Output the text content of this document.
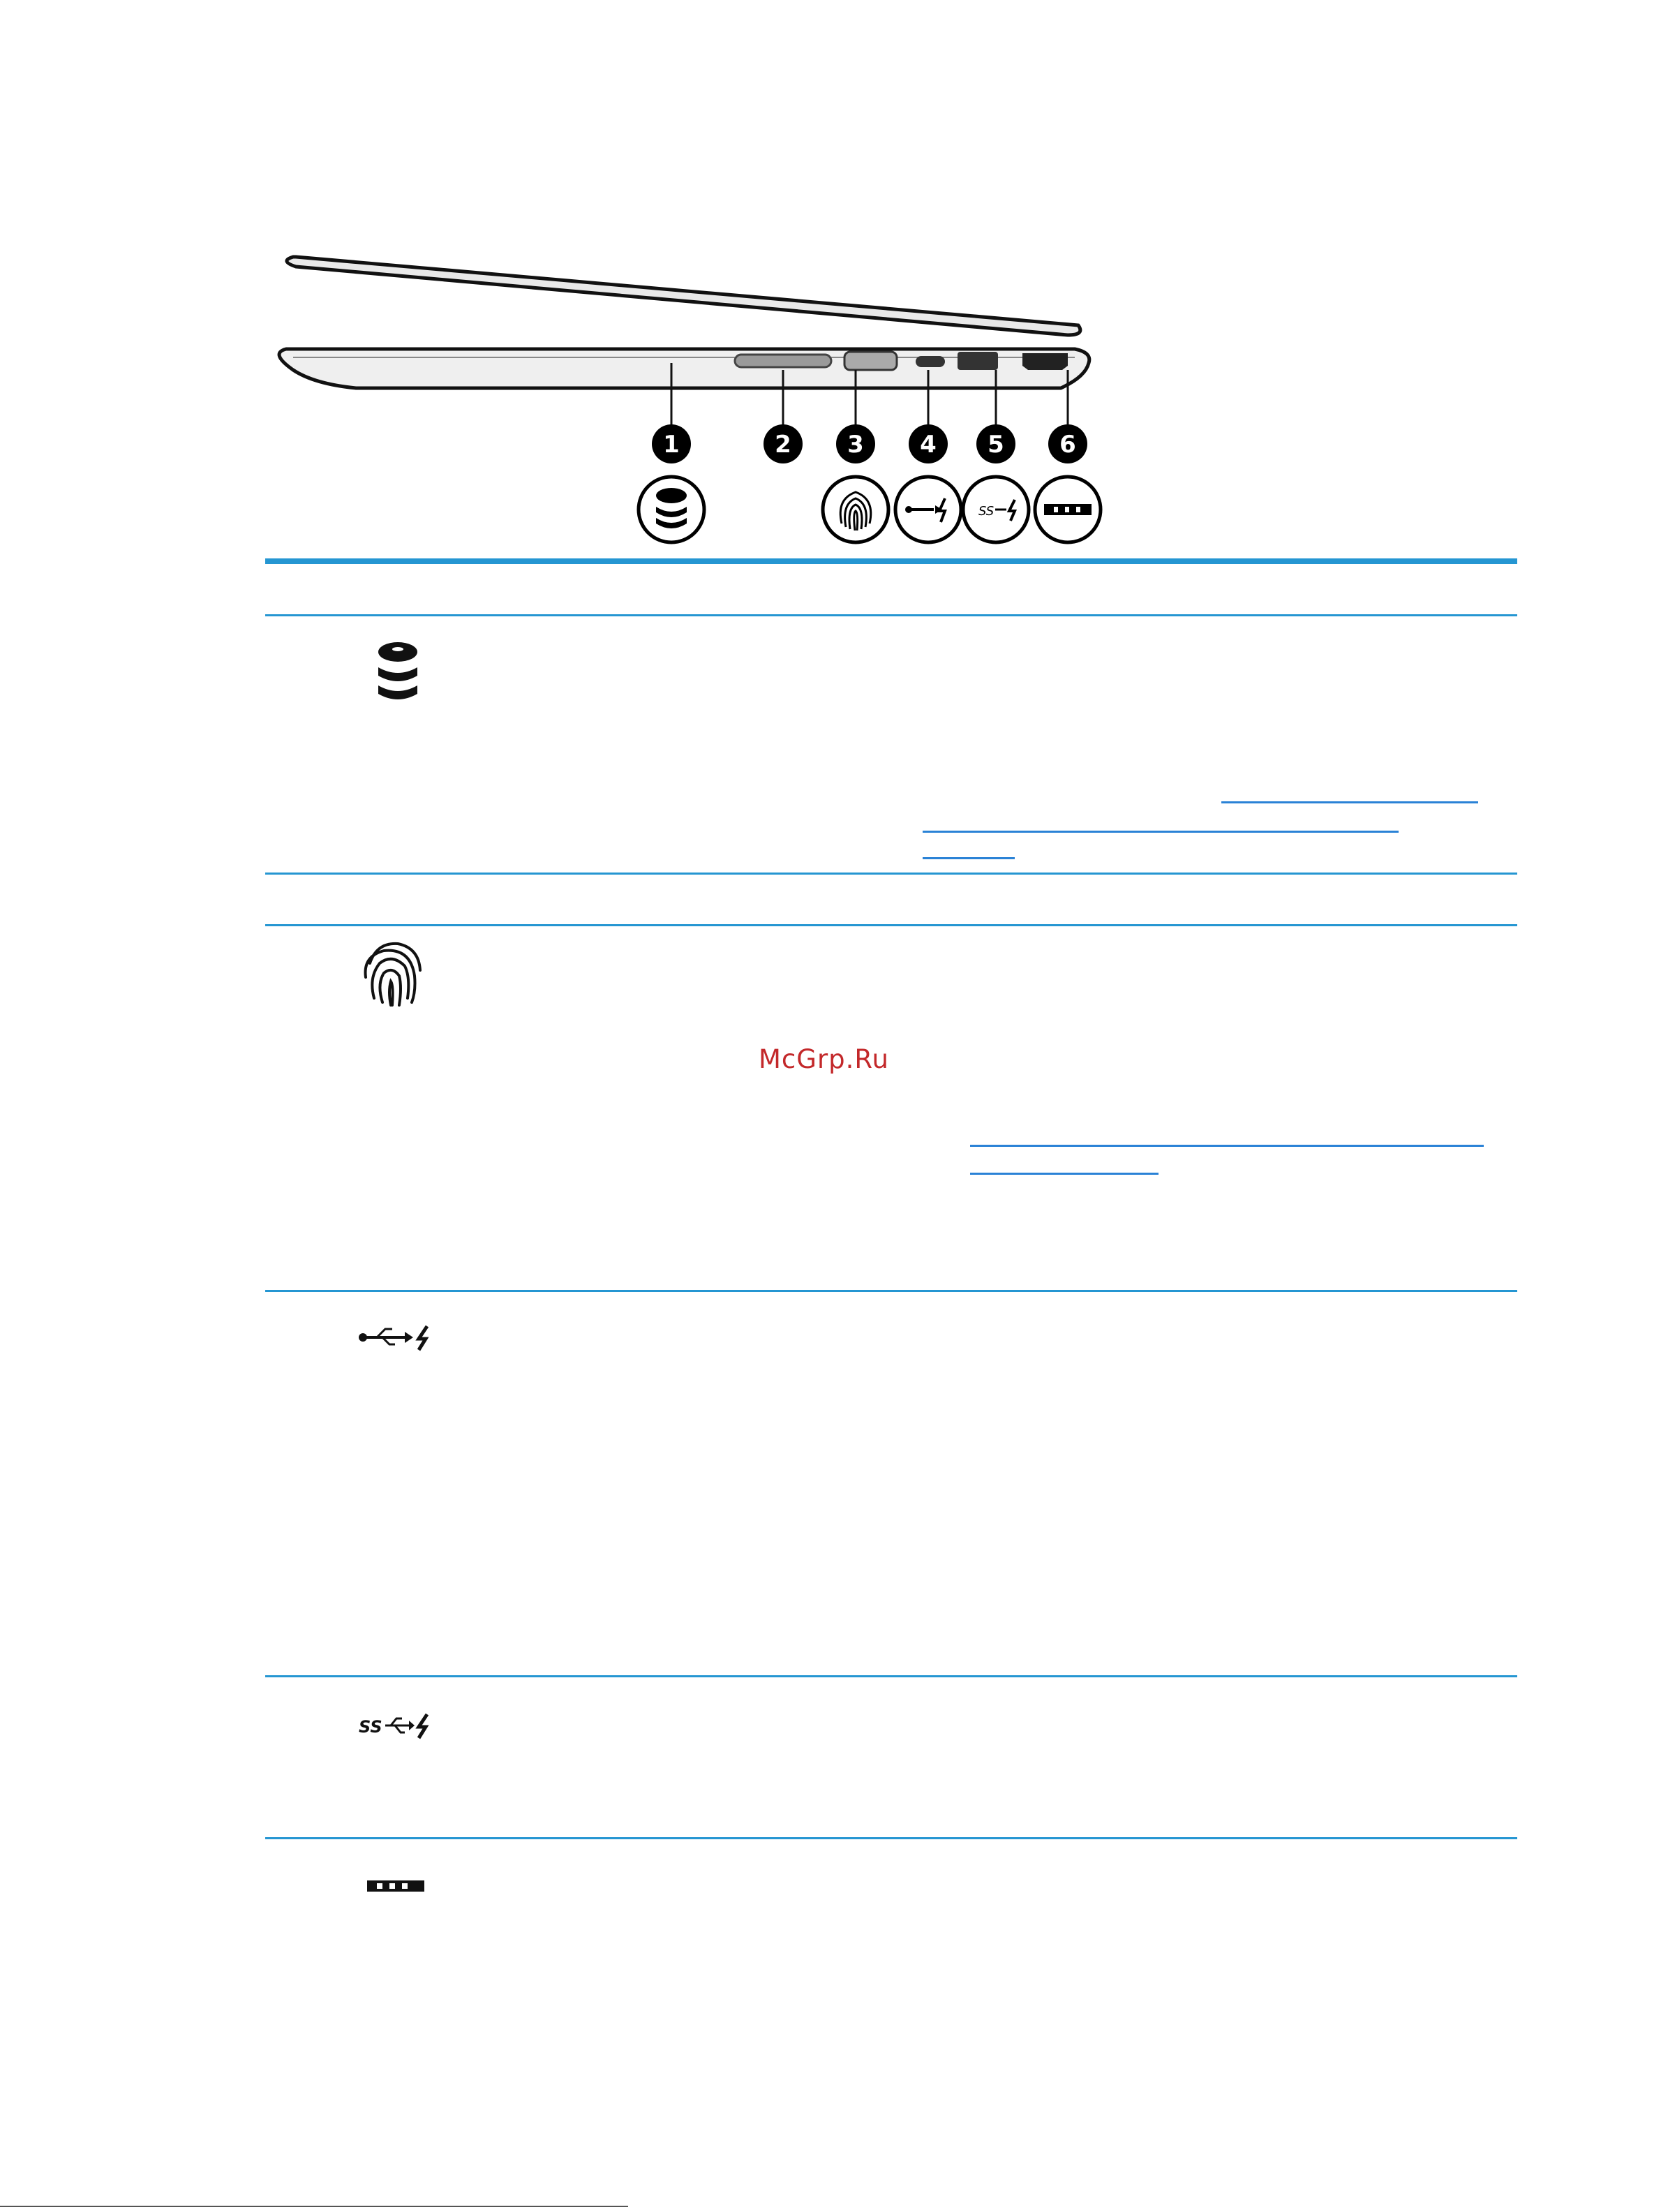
1	2 3 4 5 6
SS
McGrp.Ru
SS
